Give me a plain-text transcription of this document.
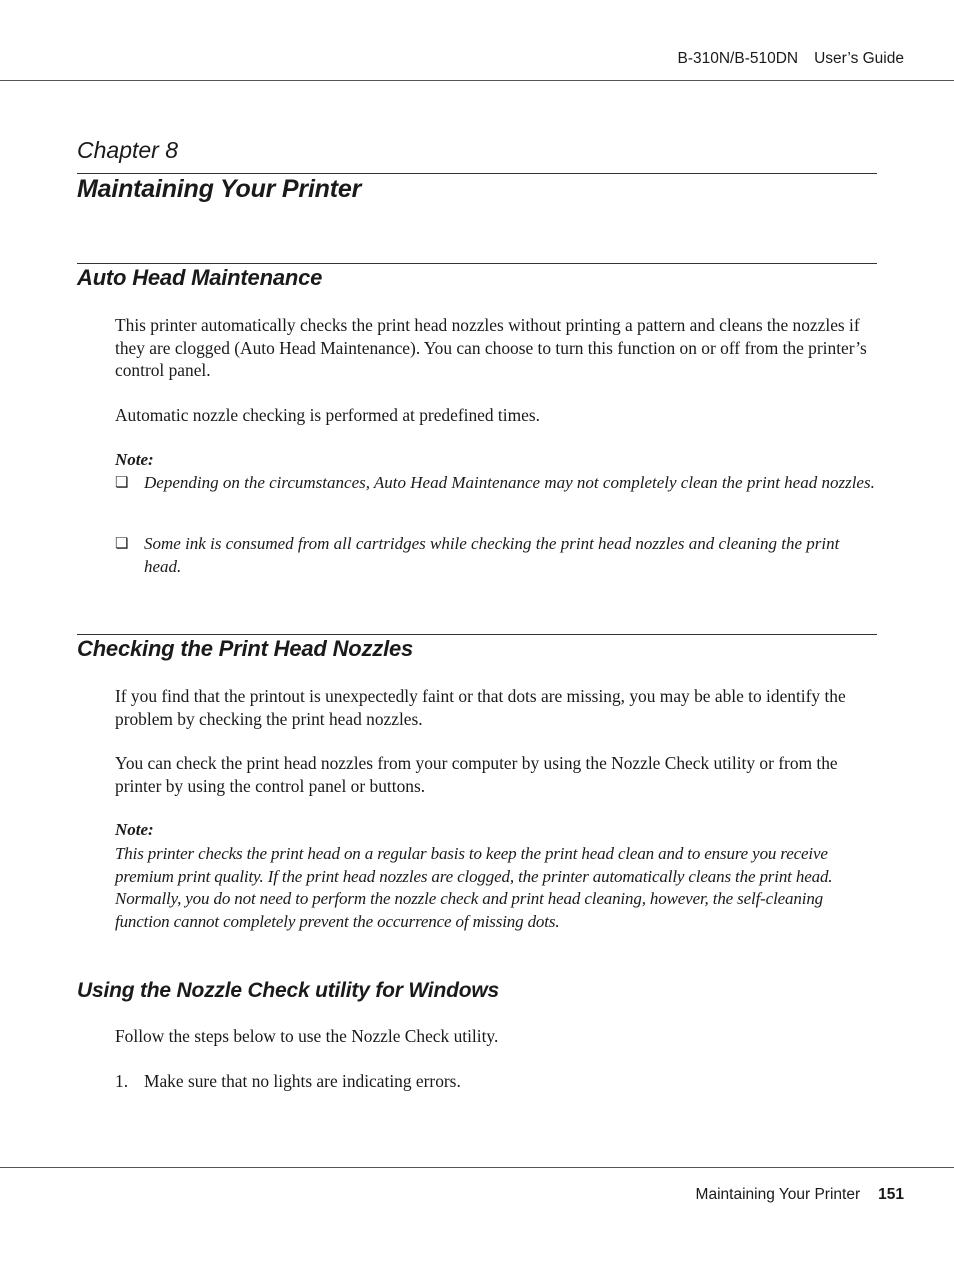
B-310N/B-510DN User’s Guide
Chapter 8
Maintaining Your Printer
Auto Head Maintenance

This printer automatically checks the print head nozzles without printing a pattern and cleans the nozzles if they are clogged (Auto Head Maintenance). You can choose to turn this function on or off from the printer’s control panel.

Automatic nozzle checking is performed at predefined times.

Note:
❏ Depending on the circumstances, Auto Head Maintenance may not completely clean the print head nozzles.
❏ Some ink is consumed from all cartridges while checking the print head nozzles and cleaning the print head.
Checking the Print Head Nozzles

If you find that the printout is unexpectedly faint or that dots are missing, you may be able to identify the problem by checking the print head nozzles.

You can check the print head nozzles from your computer by using the Nozzle Check utility or from the printer by using the control panel or buttons.

Note:
This printer checks the print head on a regular basis to keep the print head clean and to ensure you receive premium print quality. If the print head nozzles are clogged, the printer automatically cleans the print head. Normally, you do not need to perform the nozzle check and print head cleaning, however, the self-cleaning function cannot completely prevent the occurrence of missing dots.
Using the Nozzle Check utility for Windows

Follow the steps below to use the Nozzle Check utility.

1. Make sure that no lights are indicating errors.
Maintaining Your Printer 151
